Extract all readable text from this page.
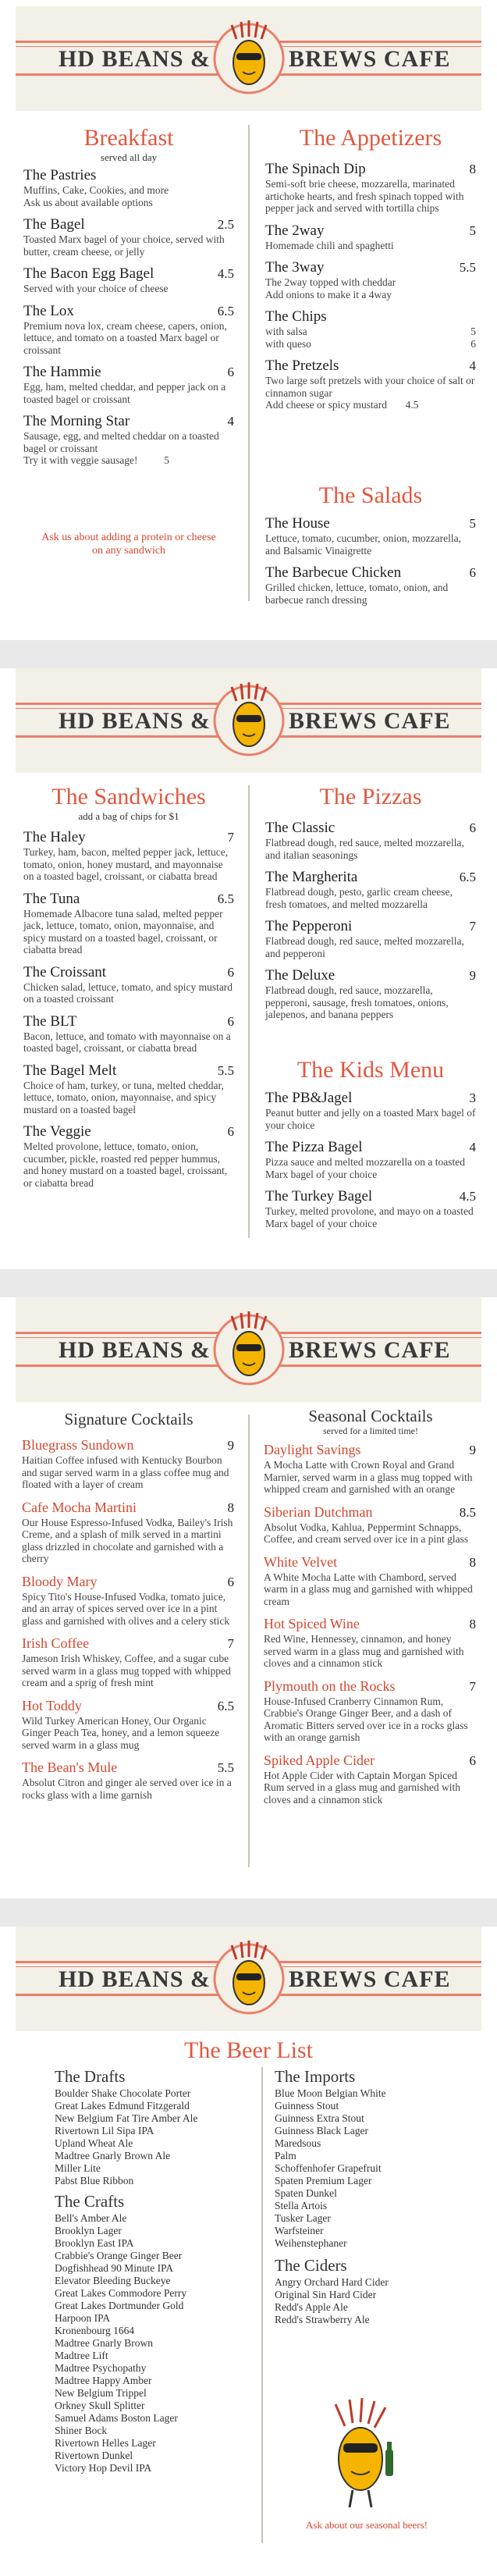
HD BEANS &	BREWS CAFE
Breakfast
served all day
The Pastries
Muffins, Cake, Cookies, and more
Ask us about available options
The Bagel	2.5
Toasted Marx bagel of your choice, served with butter, cream cheese, or jelly
The Bacon Egg Bagel	4.5
Served with your choice of cheese
The Lox	6.5
Premium nova lox, cream cheese, capers, onion, lettuce, and tomato on a toasted Marx bagel or croissant
The Hammie	6
Egg, ham, melted cheddar, and pepper jack on a toasted bagel or croissant
The Morning Star	4
Sausage, egg, and melted cheddar on a toasted bagel or croissant
Try it with veggie sausage!          5
Ask us about adding a protein or cheese on any sandwich
The Appetizers
The Spinach Dip	8
Semi-soft brie cheese, mozzarella, marinated artichoke hearts, and fresh spinach topped with pepper jack and served with tortilla chips
The 2way	5
Homemade chili and spaghetti
The 3way	5.5
The 2way topped with cheddar
Add onions to make it a 4way
The Chips
with salsa	5
with queso	6
The Pretzels	4
Two large soft pretzels with your choice of salt or cinnamon sugar
Add cheese or spicy mustard       4.5
The Salads
The House	5
Lettuce, tomato, cucumber, onion, mozzarella, and Balsamic Vinaigrette
The Barbecue Chicken	6
Grilled chicken, lettuce, tomato, onion, and barbecue ranch dressing
HD BEANS &	BREWS CAFE
The Sandwiches
add a bag of chips for $1
The Haley	7
Turkey, ham, bacon, melted pepper jack, lettuce, tomato, onion, honey mustard, and mayonnaise on a toasted bagel, croissant, or ciabatta bread
The Tuna	6.5
Homemade Albacore tuna salad, melted pepper jack, lettuce, tomato, onion, mayonnaise, and spicy mustard on a toasted bagel, croissant, or ciabatta bread
The Croissant	6
Chicken salad, lettuce, tomato, and spicy mustard on a toasted croissant
The BLT	6
Bacon, lettuce, and tomato with mayonnaise on a toasted bagel, croissant, or ciabatta bread
The Bagel Melt	5.5
Choice of ham, turkey, or tuna, melted cheddar, lettuce, tomato, onion, mayonnaise, and spicy mustard on a toasted bagel
The Veggie	6
Melted provolone, lettuce, tomato, onion, cucumber, pickle, roasted red pepper hummus, and honey mustard on a toasted bagel, croissant, or ciabatta bread
The Pizzas
The Classic	6
Flatbread dough, red sauce, melted mozzarella, and italian seasonings
The Margherita	6.5
Flatbread dough, pesto, garlic cream cheese, fresh tomatoes, and melted mozzarella
The Pepperoni	7
Flatbread dough, red sauce, melted mozzarella, and pepperoni
The Deluxe	9
Flatbread dough, red sauce, mozzarella, pepperoni, sausage, fresh tomatoes, onions, jalepenos, and banana peppers
The Kids Menu
The PB&Jagel	3
Peanut butter and jelly on a toasted Marx bagel of your choice
The Pizza Bagel	4
Pizza sauce and melted mozzarella on a toasted Marx bagel of your choice
The Turkey Bagel	4.5
Turkey, melted provolone, and mayo on a toasted Marx bagel of your choice
HD BEANS &	BREWS CAFE
Signature Cocktails
Bluegrass Sundown	9
Haitian Coffee infused with Kentucky Bourbon and sugar served warm in a glass coffee mug and floated with a layer of cream
Cafe Mocha Martini	8
Our House Espresso-Infused Vodka, Bailey's Irish Creme, and a splash of milk served in a martini glass drizzled in chocolate and garnished with a cherry
Bloody Mary	6
Spicy Tito's House-Infused Vodka, tomato juice, and an array of spices served over ice in a pint glass and garnished with olives and a celery stick
Irish Coffee	7
Jameson Irish Whiskey, Coffee, and a sugar cube served warm in a glass mug topped with whipped cream and a sprig of fresh mint
Hot Toddy	6.5
Wild Turkey American Honey, Our Organic Ginger Peach Tea, honey, and a lemon squeeze served warm in a glass mug
The Bean's Mule	5.5
Absolut Citron and ginger ale served over ice in a rocks glass with a lime garnish
Seasonal Cocktails
served for a limited time!
Daylight Savings	9
A Mocha Latte with Crown Royal and Grand Marnier, served warm in a glass mug topped with whipped cream and garnished with an orange
Siberian Dutchman	8.5
Absolut Vodka, Kahlua, Peppermint Schnapps, Coffee, and cream served over ice in a pint glass
White Velvet	8
A White Mocha Latte with Chambord, served warm in a glass mug and garnished with whipped cream
Hot Spiced Wine	8
Red Wine, Hennessey, cinnamon, and honey served warm in a glass mug and garnished with cloves and a cinnamon stick
Plymouth on the Rocks	7
House-Infused Cranberry Cinnamon Rum, Crabbie's Orange Ginger Beer, and a dash of Aromatic Bitters served over ice in a rocks glass with an orange garnish
Spiked Apple Cider	6
Hot Apple Cider with Captain Morgan Spiced Rum served in a glass mug and garnished with cloves and a cinnamon stick
HD BEANS &	BREWS CAFE
The Beer List
The Drafts
Boulder Shake Chocolate Porter
Great Lakes Edmund Fitzgerald
New Belgium Fat Tire Amber Ale
Rivertown Lil Sipa IPA
Upland Wheat Ale
Madtree Gnarly Brown Ale
Miller Lite
Pabst Blue Ribbon
The Crafts
Bell's Amber Ale
Brooklyn Lager
Brooklyn East IPA
Crabbie's Orange Ginger Beer
Dogfishhead 90 Minute IPA
Elevator Bleeding Buckeye
Great Lakes Commodore Perry
Great Lakes Dortmunder Gold
Harpoon IPA
Kronenbourg 1664
Madtree Gnarly Brown
Madtree Lift
Madtree Psychopathy
Madtree Happy Amber
New Belgium Trippel
Orkney Skull Splitter
Samuel Adams Boston Lager
Shiner Bock
Rivertown Helles Lager
Rivertown Dunkel
Victory Hop Devil IPA
The Imports
Blue Moon Belgian White
Guinness Stout
Guinness Extra Stout
Guinness Black Lager
Maredsous
Palm
Schoffenhofer Grapefruit
Spaten Premium Lager
Spaten Dunkel
Stella Artois
Tusker Lager
Warfsteiner
Weihenstephaner
The Ciders
Angry Orchard Hard Cider
Original Sin Hard Cider
Redd's Apple Ale
Redd's Strawberry Ale
Ask about our seasonal beers!
